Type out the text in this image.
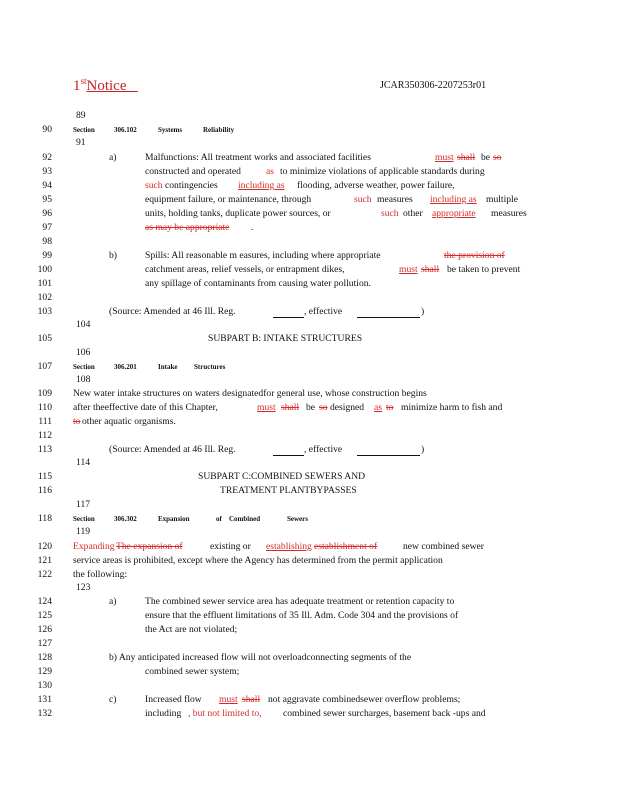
1stNotice	JCAR350306-2207253r01
89
90	Section	306.102	Systems	Reliability
91
92	a)	Malfunctions: All treatment works and associated facilities	must shall be so
93	constructed and operated	as to minimize violations of applicable standards during
94	such contingencies including as flooding, adverse weather, power failure,
95	equipment failure, or maintenance, through	such measures including as multiple
96	units, holding tanks, duplicate power sources, or	such other appropriate measures
97	as may be appropriate .
98
99	b)	Spills: All reasonable m easures, including where appropriate	the provision of
100	catchment areas, relief vessels, or entrapment dikes,	must shall be taken to prevent
101	any spillage of contaminants from causing water pollution.
102
103	(Source: Amended at 46 Ill. Reg.	, effective	)
104
105	SUBPART B: INTAKE STRUCTURES
106
107	Section	306.201	Intake Structures
108
109 New water intake structures on waters designatedfor general use, whose construction begins
110 after theeffective date of this Chapter,	must shall be so designed as to minimize harm to fish and
111 to other aquatic organisms.
112
113	(Source: Amended at 46 Ill. Reg.	, effective	)
114
115	SUBPART C:COMBINED SEWERS AND
116	TREATMENT PLANTBYPASSES
117
118	Section	306.302	Expansion	of Combined	Sewers
119
120 Expanding The expansion of	existing or establishing establishment of	new combined sewer
121 service areas is prohibited, except where the Agency has determined from the permit application
122 the following:
123
124	a)	The combined sewer service area has adequate treatment or retention capacity to
125	ensure that the effluent limitations of 35 Ill. Adm. Code 304 and the provisions of
126	the Act are not violated;
127
128	b) Any anticipated increased flow will not overloadconnecting segments of the
129	combined sewer system;
130
131	c)	Increased flow must shall not aggravate combinedsewer overflow problems;
132	including , but not limited to, combined sewer surcharges, basement back -ups and
